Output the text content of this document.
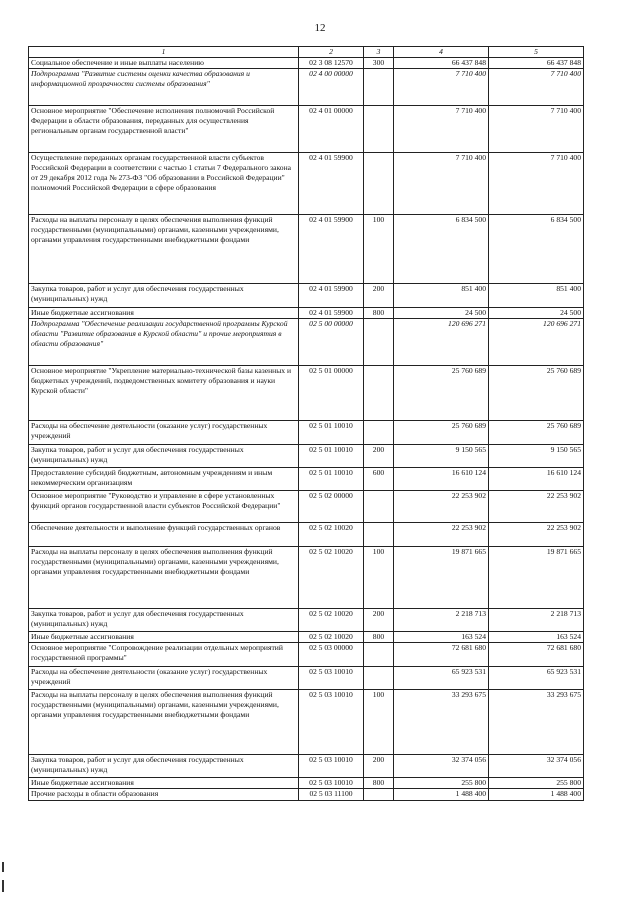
12
1	2	3	4	5
Социальное обеспечение и иные выплаты населению	02 3 08 12570	300	66 437 848	66 437 848
Подпрограмма "Развитие системы оценки качества образования и информационной прозрачности системы образования"	02 4 00 00000		7 710 400	7 710 400
Основное мероприятие "Обеспечение исполнения полномочий Российской Федерации в области образования, переданных для осуществления региональным органам государственной власти"	02 4 01 00000		7 710 400	7 710 400
Осуществление переданных органам государственной власти субъектов Российской Федерации в соответствии с частью 1 статьи 7 Федерального закона от 29 декабря 2012 года № 273-ФЗ "Об образовании в Российской Федерации" полномочий Российской Федерации в сфере образования	02 4 01 59900		7 710 400	7 710 400
Расходы на выплаты персоналу в целях обеспечения выполнения функций государственными (муниципальными) органами, казенными учреждениями, органами управления государственными внебюджетными фондами	02 4 01 59900	100	6 834 500	6 834 500
Закупка товаров, работ и услуг для обеспечения государственных (муниципальных) нужд	02 4 01 59900	200	851 400	851 400
Иные бюджетные ассигнования	02 4 01 59900	800	24 500	24 500
Подпрограмма "Обеспечение реализации государственной программы Курской области "Развитие образования в Курской области" и прочие мероприятия в области образования"	02 5 00 00000		120 696 271	120 696 271
Основное мероприятие "Укрепление материально-технической базы казенных и бюджетных учреждений, подведомственных комитету образования и науки Курской области"	02 5 01 00000		25 760 689	25 760 689
Расходы на обеспечение деятельности (оказание услуг) государственных учреждений	02 5 01 10010		25 760 689	25 760 689
Закупка товаров, работ и услуг для обеспечения государственных (муниципальных) нужд	02 5 01 10010	200	9 150 565	9 150 565
Предоставление субсидий бюджетным, автономным учреждениям и иным некоммерческим организациям	02 5 01 10010	600	16 610 124	16 610 124
Основное мероприятие "Руководство и управление в сфере установленных функций органов государственной власти субъектов Российской Федерации"	02 5 02 00000		22 253 902	22 253 902
Обеспечение деятельности и выполнение функций государственных органов	02 5 02 10020		22 253 902	22 253 902
Расходы на выплаты персоналу в целях обеспечения выполнения функций государственными (муниципальными) органами, казенными учреждениями, органами управления государственными внебюджетными фондами	02 5 02 10020	100	19 871 665	19 871 665
Закупка товаров, работ и услуг для обеспечения государственных (муниципальных) нужд	02 5 02 10020	200	2 218 713	2 218 713
Иные бюджетные ассигнования	02 5 02 10020	800	163 524	163 524
Основное мероприятие "Сопровождение реализации отдельных мероприятий государственной программы"	02 5 03 00000		72 681 680	72 681 680
Расходы на обеспечение деятельности (оказание услуг) государственных учреждений	02 5 03 10010		65 923 531	65 923 531
Расходы на выплаты персоналу в целях обеспечения выполнения функций государственными (муниципальными) органами, казенными учреждениями, органами управления государственными внебюджетными фондами	02 5 03 10010	100	33 293 675	33 293 675
Закупка товаров, работ и услуг для обеспечения государственных (муниципальных) нужд	02 5 03 10010	200	32 374 056	32 374 056
Иные бюджетные ассигнования	02 5 03 10010	800	255 800	255 800
Прочие расходы в области образования	02 5 03 11100		1 488 400	1 488 400
